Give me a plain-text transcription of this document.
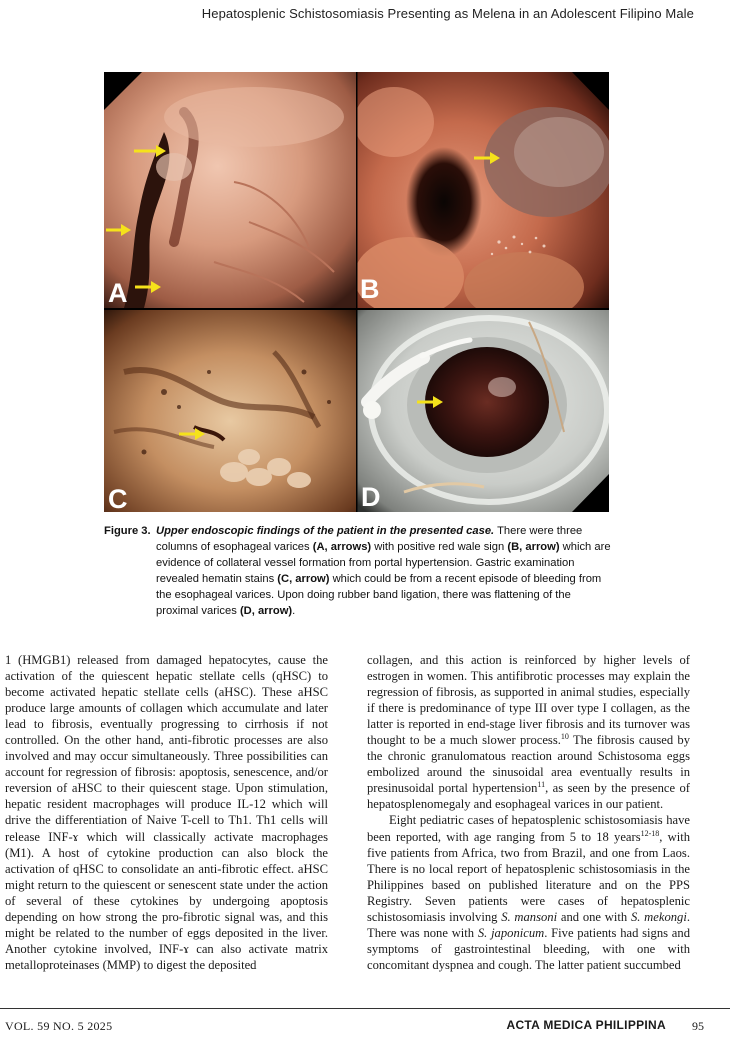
Hepatosplenic Schistosomiasis Presenting as Melena in an Adolescent Filipino Male
A	B
C	D
Figure 3. Upper endoscopic findings of the patient in the presented case. There were three columns of esophageal varices (A, arrows) with positive red wale sign (B, arrow) which are evidence of collateral vessel formation from portal hypertension. Gastric examination revealed hematin stains (C, arrow) which could be from a recent episode of bleeding from the esophageal varices. Upon doing rubber band ligation, there was flattening of the proximal varices (D, arrow).

1 (HMGB1) released from damaged hepatocytes, cause the activation of the quiescent hepatic stellate cells (qHSC) to become activated hepatic stellate cells (aHSC). These aHSC produce large amounts of collagen which accumulate and later lead to fibrosis, eventually progressing to cirrhosis if not controlled. On the other hand, anti-fibrotic processes are also involved and may occur simultaneously. Three possibilities can account for regression of fibrosis: apoptosis, senescence, and/or reversion of aHSC to their quiescent stage. Upon stimulation, hepatic resident macrophages will produce IL-12 which will drive the differentiation of Naive T-cell to Th1. Th1 cells will release INF-ɤ which will classically activate macrophages (M1). A host of cytokine production can also block the activation of qHSC to consolidate an anti-fibrotic effect. aHSC might return to the quiescent or senescent state under the action of several of these cytokines by undergoing apoptosis depending on how strong the pro-fibrotic signal was, and this might be related to the number of eggs deposited in the liver. Another cytokine involved, INF-ɤ can also activate matrix metalloproteinases (MMP) to digest the deposited

collagen, and this action is reinforced by higher levels of estrogen in women. This antifibrotic processes may explain the regression of fibrosis, as supported in animal studies, especially if there is predominance of type III over type I collagen, as the latter is reported in end-stage liver fibrosis and its turnover was thought to be a much slower process.$^{10}$ The fibrosis caused by the chronic granulomatous reaction around Schistosoma eggs embolized around the sinusoidal area eventually results in presinusoidal portal hypertension$^{11}$, as seen by the presence of hepatosplenomegaly and esophageal varices in our patient.

Eight pediatric cases of hepatosplenic schistosomiasis have been reported, with age ranging from 5 to 18 years$^{12-18}$, with five patients from Africa, two from Brazil, and one from Laos. There is no local report of hepatosplenic schistosomiasis in the Philippines based on published literature and on the PPS Registry. Seven patients were cases of hepatosplenic schistosomiasis involving S. mansoni and one with S. mekongi. There was none with S. japonicum. Five patients had signs and symptoms of gastrointestinal bleeding, with one with concomitant dyspnea and cough. The latter patient succumbed

VOL. 59 NO. 5 2025	ACTA MEDICA PHILIPPINA 95
